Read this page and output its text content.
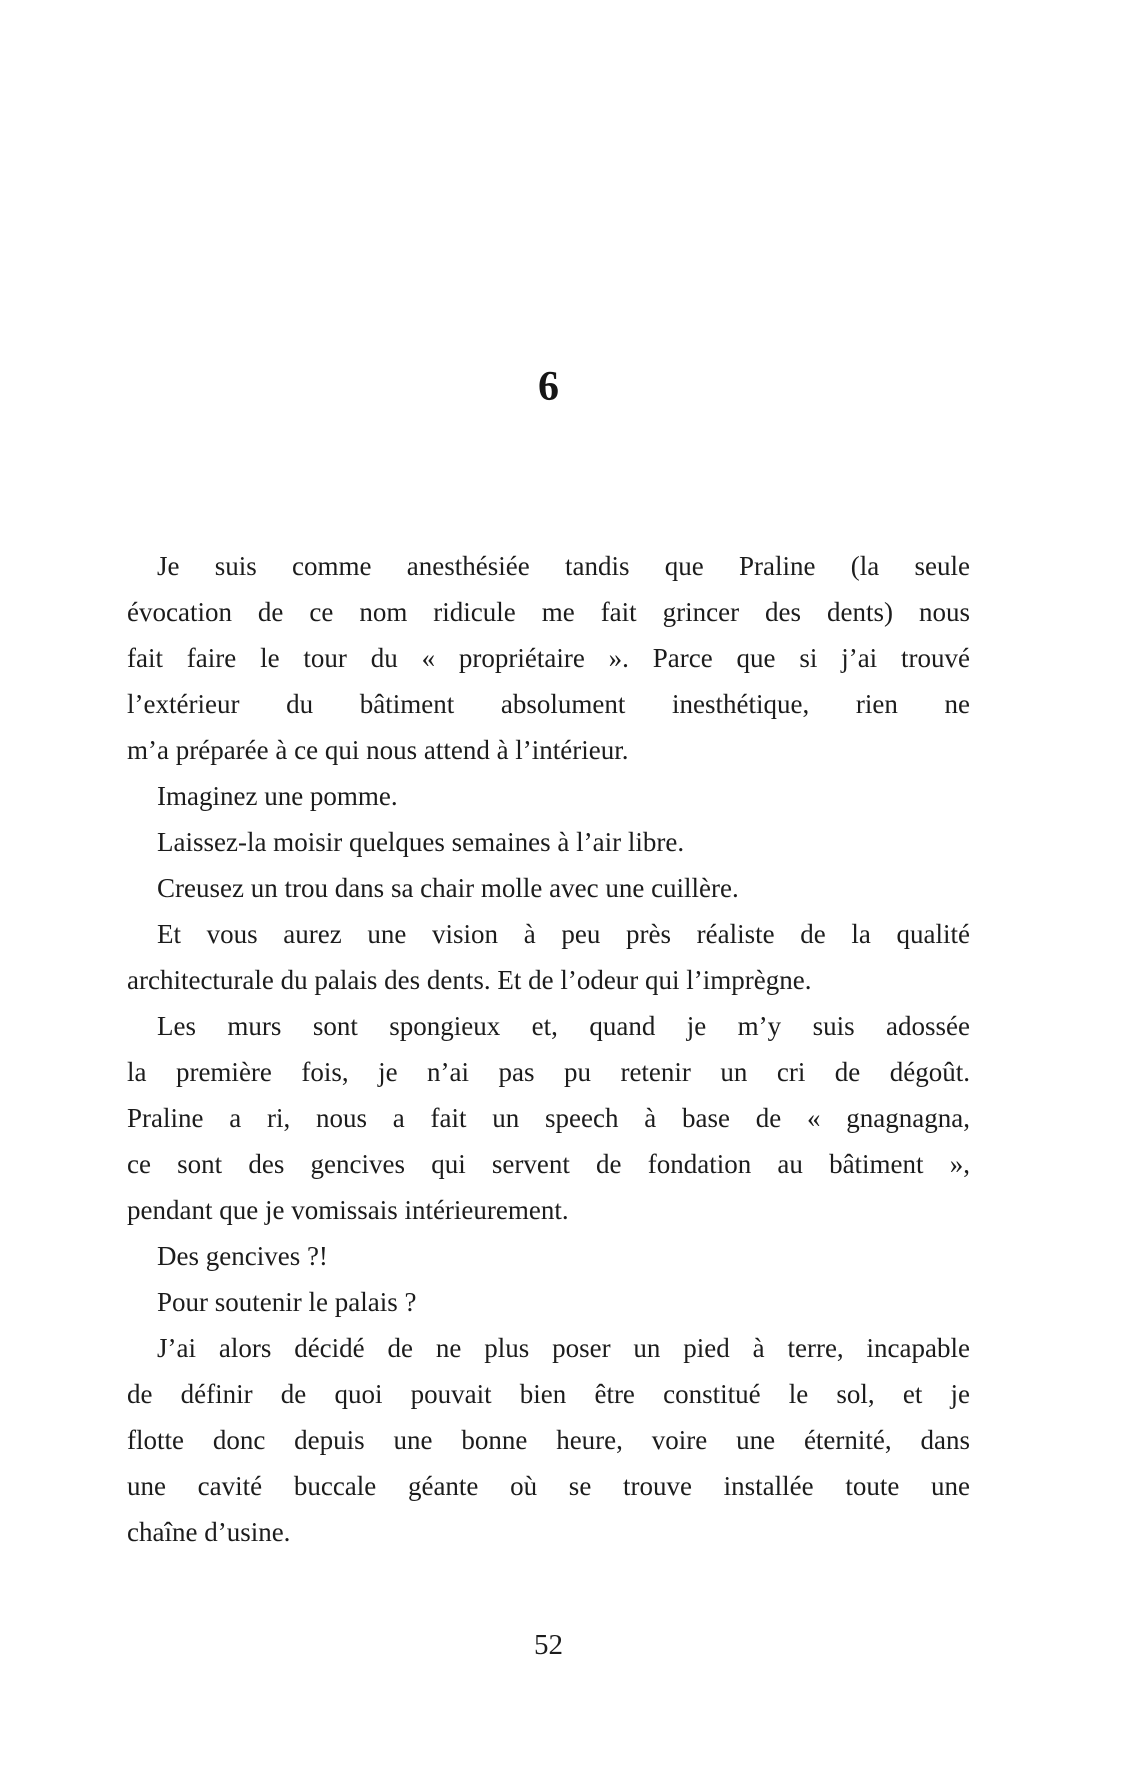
6
Je suis comme anesthésiée tandis que Praline (la seule
évocation de ce nom ridicule me fait grincer des dents) nous
fait faire le tour du « propriétaire ». Parce que si j’ai trouvé
l’extérieur du bâtiment absolument inesthétique, rien ne
m’a préparée à ce qui nous attend à l’intérieur.
Imaginez une pomme.
Laissez-la moisir quelques semaines à l’air libre.
Creusez un trou dans sa chair molle avec une cuillère.
Et vous aurez une vision à peu près réaliste de la qualité
architecturale du palais des dents. Et de l’odeur qui l’imprègne.
Les murs sont spongieux et, quand je m’y suis adossée
la première fois, je n’ai pas pu retenir un cri de dégoût.
Praline a ri, nous a fait un speech à base de « gnagnagna,
ce sont des gencives qui servent de fondation au bâtiment »,
pendant que je vomissais intérieurement.
Des gencives ?!
Pour soutenir le palais ?
J’ai alors décidé de ne plus poser un pied à terre, incapable
de définir de quoi pouvait bien être constitué le sol, et je
flotte donc depuis une bonne heure, voire une éternité, dans
une cavité buccale géante où se trouve installée toute une
chaîne d’usine.
52
